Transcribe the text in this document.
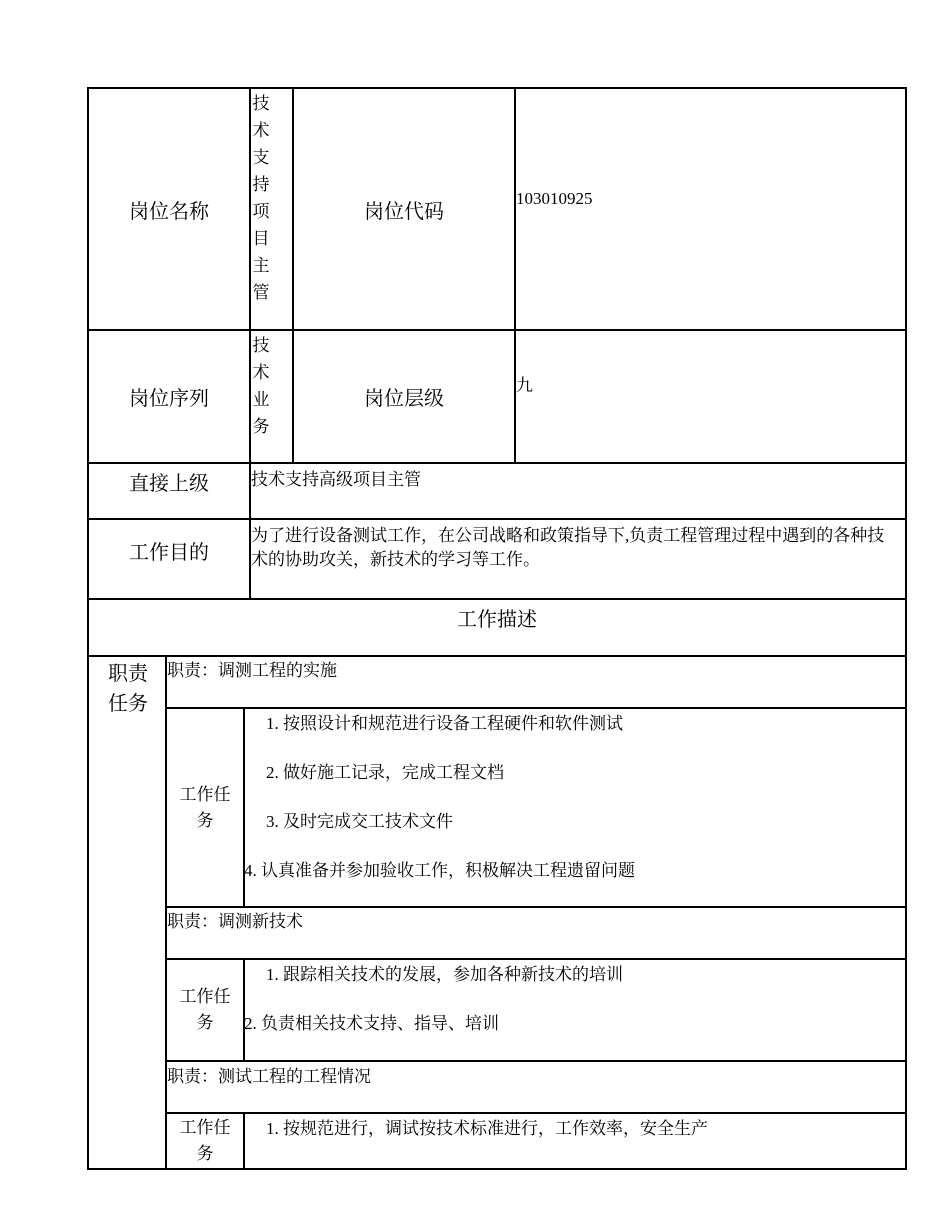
岗位名称
技术支持项目主管
岗位代码
103010925
岗位序列
技术业务
岗位层级
九
直接上级	技术支持高级项目主管
工作目的
为了进行设备测试工作，在公司战略和政策指导下,负责工程管理过程中遇到的各种技术的协助攻关，新技术的学习等工作。
工作描述
职责任务
职责：调测工程的实施
工作任务
1. 按照设计和规范进行设备工程硬件和软件测试
2. 做好施工记录，完成工程文档
3. 及时完成交工技术文件
4. 认真准备并参加验收工作，积极解决工程遗留问题
职责：调测新技术
工作任务
1. 跟踪相关技术的发展，参加各种新技术的培训
2. 负责相关技术支持、指导、培训
职责：测试工程的工程情况
工作任务
1. 按规范进行，调试按技术标准进行，工作效率，安全生产
